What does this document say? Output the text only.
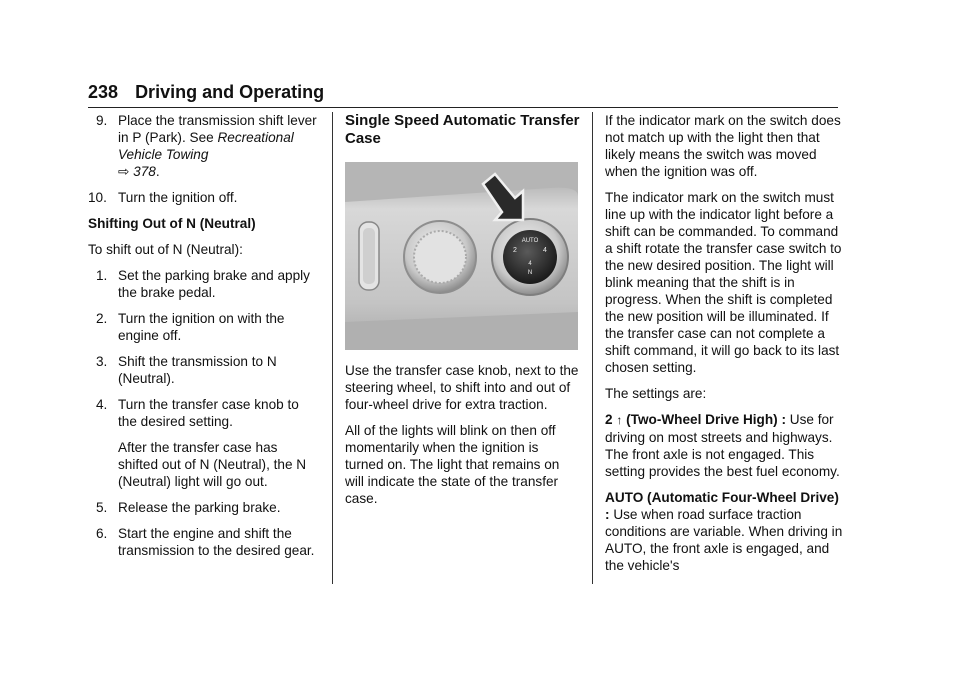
238 Driving and Operating
9. Place the transmission shift lever in P (Park). See Recreational Vehicle Towing
⇨ 378.
10. Turn the ignition off.

Shifting Out of N (Neutral)

To shift out of N (Neutral):

1. Set the parking brake and apply the brake pedal.
2. Turn the ignition on with the engine off.
3. Shift the transmission to N (Neutral).
4. Turn the transfer case knob to the desired setting.

After the transfer case has shifted out of N (Neutral), the N (Neutral) light will go out.

5. Release the parking brake.
6. Start the engine and shift the transmission to the desired gear.
Single Speed Automatic Transfer Case
AUTO
2	4
4
N

Use the transfer case knob, next to the steering wheel, to shift into and out of four-wheel drive for extra traction.

All of the lights will blink on then off momentarily when the ignition is turned on. The light that remains on will indicate the state of the transfer case.

If the indicator mark on the switch does not match up with the light then that likely means the switch was moved when the ignition was off.

The indicator mark on the switch must line up with the indicator light before a shift can be commanded. To command a shift rotate the transfer case switch to the new desired position. The light will blink meaning that the shift is in progress. When the shift is completed the new position will be illuminated. If the transfer case can not complete a shift command, it will go back to its last chosen setting.

The settings are:

2 ↑ (Two-Wheel Drive High) : Use for driving on most streets and highways. The front axle is not engaged. This setting provides the best fuel economy.

AUTO (Automatic Four-Wheel Drive) : Use when road surface traction conditions are variable. When driving in AUTO, the front axle is engaged, and the vehicle's
